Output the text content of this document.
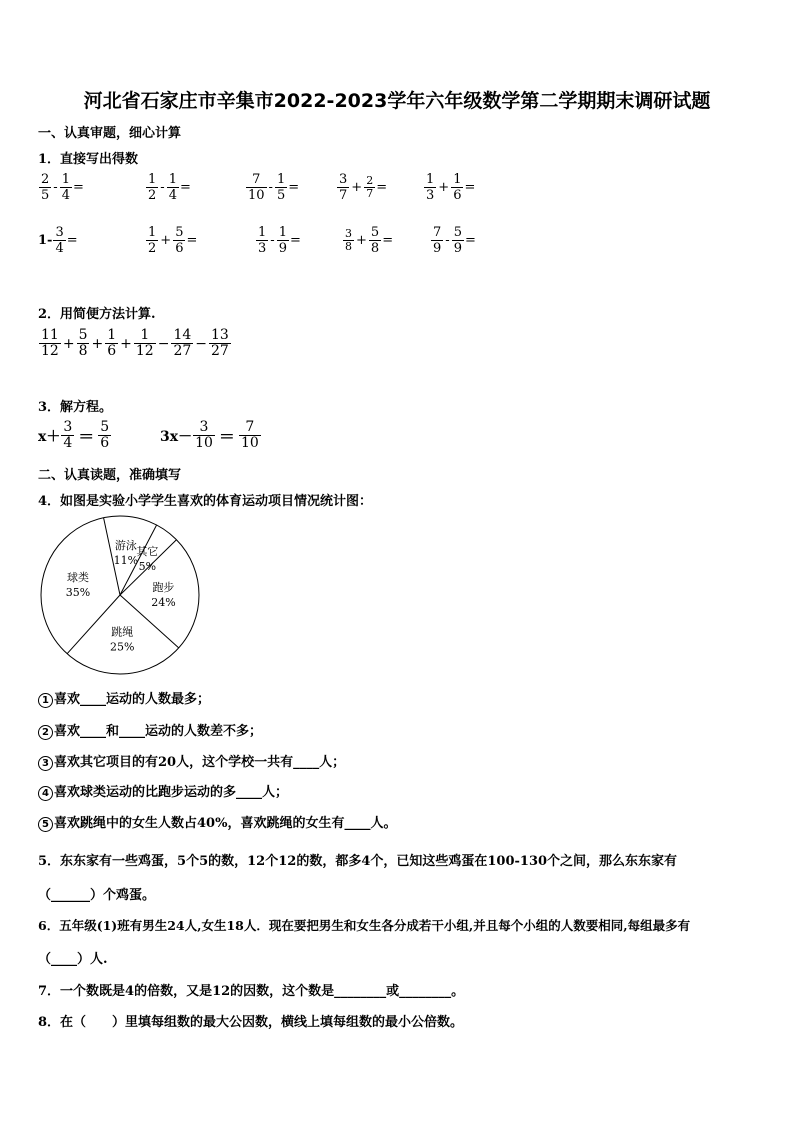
河北省石家庄市辛集市2022-2023学年六年级数学第二学期期末调研试题
一、认真审题，细心计算
1．直接写出得数
$\frac{2}{5} - \frac{1}{4}$ =	$\frac{1}{2} - \frac{1}{4}$ =	$\frac{7}{10} - \frac{1}{5}$ =	$\frac{3}{7} + \frac{2}{7}$ =	$\frac{1}{3} + \frac{1}{6}$ =
$1- \frac{3}{4}$ =	$\frac{1}{2} + \frac{5}{6}$ =	$\frac{1}{3} - \frac{1}{9}$ =	$\frac{3}{8} + \frac{5}{8}$ =	$\frac{7}{9} - \frac{5}{9}$ =
2．用简便方法计算.
$\frac{11}{12} + \frac{5}{8} + \frac{1}{6} + \frac{1}{12} - \frac{14}{27} - \frac{13}{27}$
3．解方程。
$x+ \frac{3}{4} = \frac{5}{6}$	$3x- \frac{3}{10} = \frac{7}{10}$
二、认真读题，准确填写
4．如图是实验小学学生喜欢的体育运动项目情况统计图：
游泳
11%
其它
5%
跑步
24%
跳绳
25%
球类
35%
1 喜欢____运动的人数最多；
2 喜欢____和____运动的人数差不多；
3 喜欢其它项目的有20人，这个学校一共有____人；
4 喜欢球类运动的比跑步运动的多____人；
5 喜欢跳绳中的女生人数占40%，喜欢跳绳的女生有____人。
5．东东家有一些鸡蛋，5个5的数，12个12的数，都多4个，已知这些鸡蛋在100-130个之间，那么东东家有
（______）个鸡蛋。
6．五年级(1)班有男生24人,女生18人．现在要把男生和女生各分成若干小组,并且每个小组的人数要相同,每组最多有
（____）人.
7．一个数既是4的倍数，又是12的因数，这个数是________或________。
8．在（　　）里填每组数的最大公因数，横线上填每组数的最小公倍数。
